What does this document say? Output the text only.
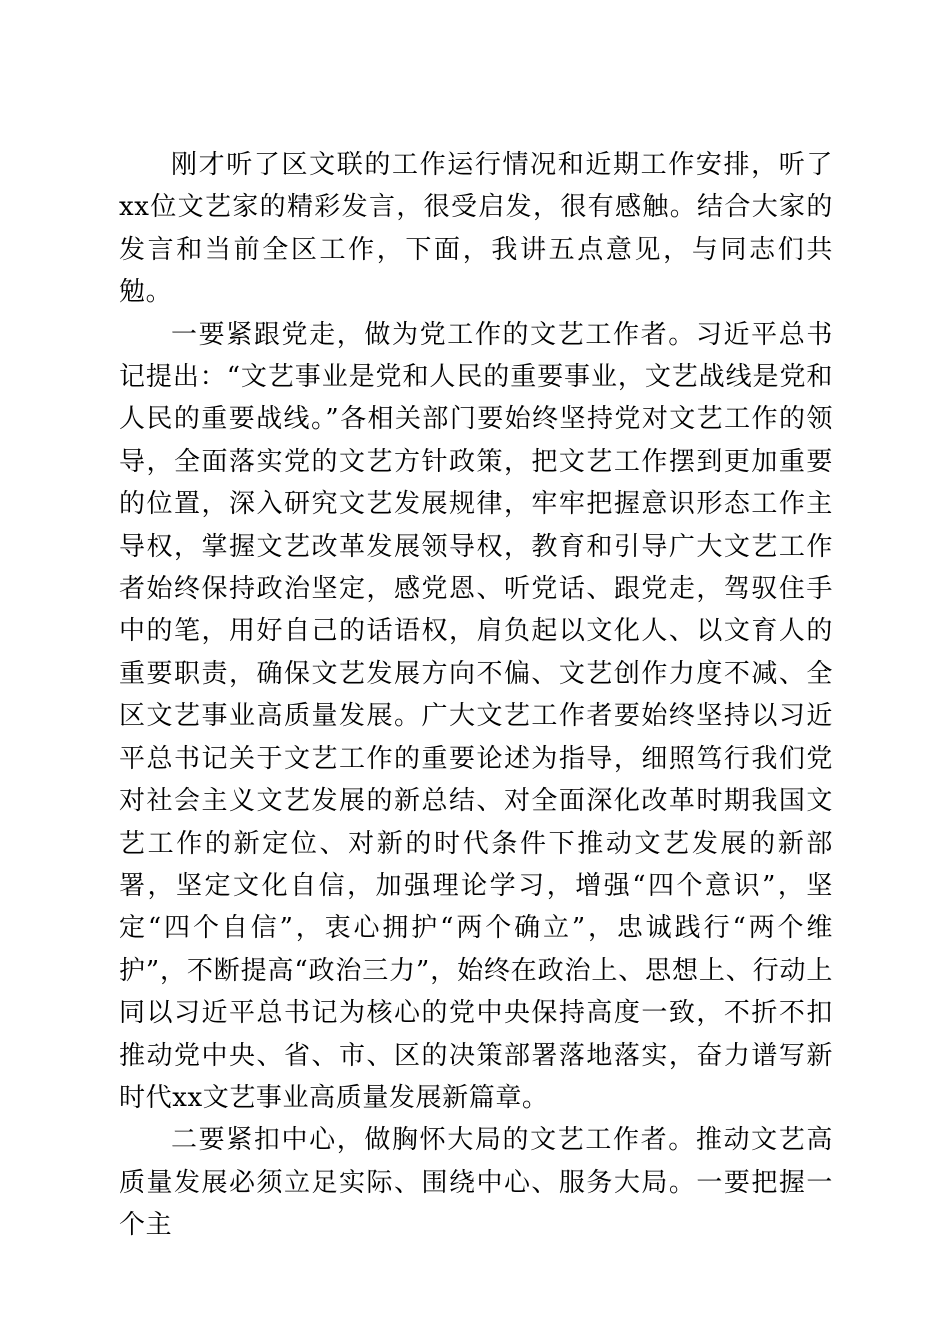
刚才听了区文联的工作运行情况和近期工作安排，听了xx位文艺家的精彩发言，很受启发，很有感触。结合大家的发言和当前全区工作，下面，我讲五点意见，与同志们共勉。

一要紧跟党走，做为党工作的文艺工作者。习近平总书记提出：“文艺事业是党和人民的重要事业，文艺战线是党和人民的重要战线。”各相关部门要始终坚持党对文艺工作的领导，全面落实党的文艺方针政策，把文艺工作摆到更加重要的位置，深入研究文艺发展规律，牢牢把握意识形态工作主导权，掌握文艺改革发展领导权，教育和引导广大文艺工作者始终保持政治坚定，感党恩、听党话、跟党走，驾驭住手中的笔，用好自己的话语权，肩负起以文化人、以文育人的重要职责，确保文艺发展方向不偏、文艺创作力度不减、全区文艺事业高质量发展。广大文艺工作者要始终坚持以习近平总书记关于文艺工作的重要论述为指导，细照笃行我们党对社会主义文艺发展的新总结、对全面深化改革时期我国文艺工作的新定位、对新的时代条件下推动文艺发展的新部署，坚定文化自信，加强理论学习，增强“四个意识”，坚定“四个自信”，衷心拥护“两个确立”，忠诚践行“两个维护”，不断提高“政治三力”，始终在政治上、思想上、行动上同以习近平总书记为核心的党中央保持高度一致，不折不扣推动党中央、省、市、区的决策部署落地落实，奋力谱写新时代xx文艺事业高质量发展新篇章。

二要紧扣中心，做胸怀大局的文艺工作者。推动文艺高质量发展必须立足实际、围绕中心、服务大局。一要把握一个主
